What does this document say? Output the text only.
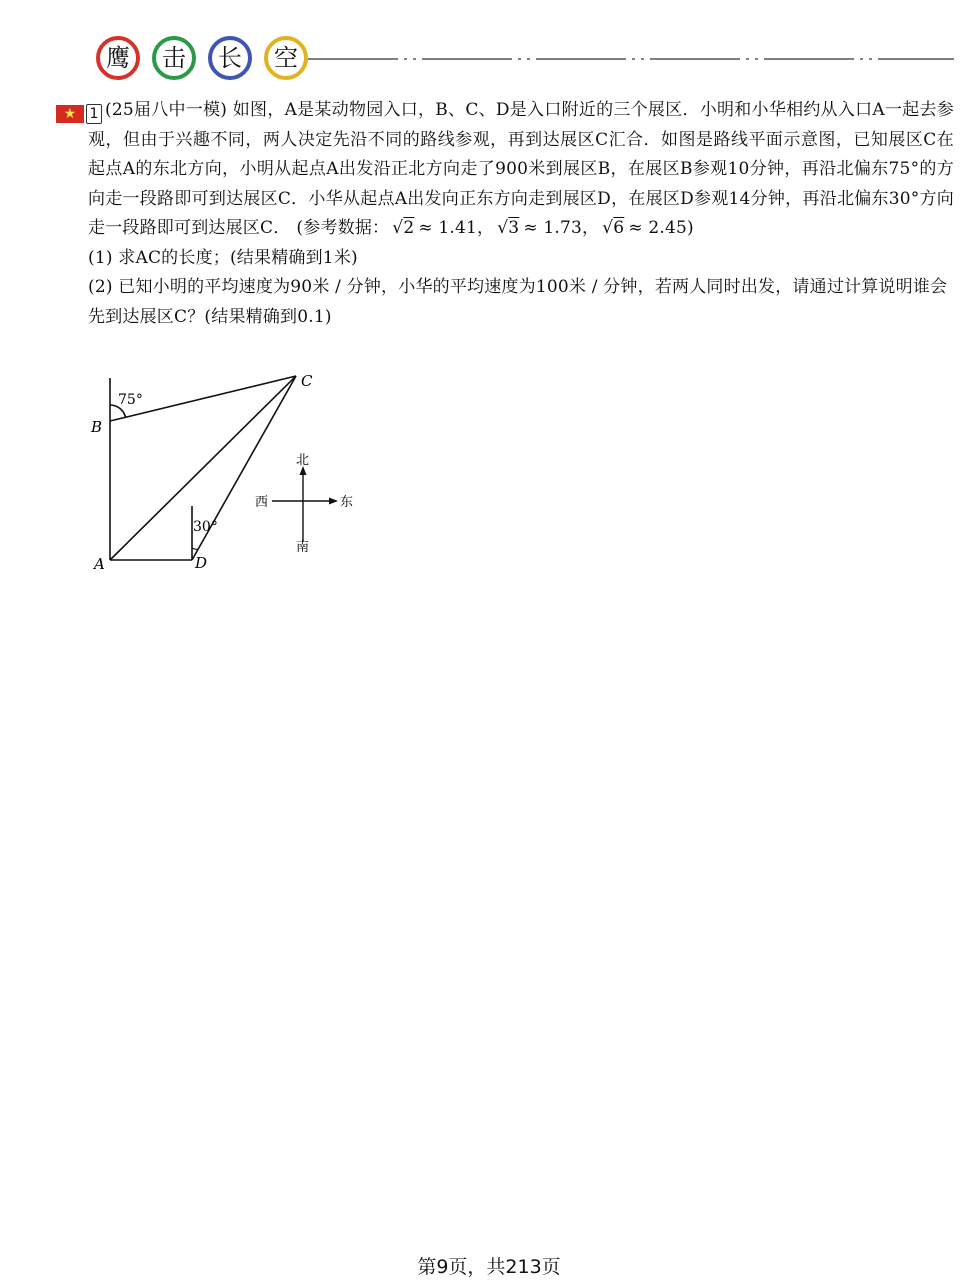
鹰 击 长 空

★ 1 (25届八中一模) 如图，A是某动物园入口，B、C、D是入口附近的三个展区．小明和小华相约从入口A一起去参观，但由于兴趣不同，两人决定先沿不同的路线参观，再到达展区C汇合．如图是路线平面示意图，已知展区C在起点A的东北方向，小明从起点A出发沿正北方向走了900米到展区B，在展区B参观10分钟，再沿北偏东75°的方向走一段路即可到达展区C．小华从起点A出发向正东方向走到展区D，在展区D参观14分钟，再沿北偏东30°方向走一段路即可到达展区C． (参考数据： √2 ≈ 1.41， √3 ≈ 1.73， √6 ≈ 2.45)

(1) 求AC的长度；(结果精确到1米)

(2) 已知小明的平均速度为90米 / 分钟，小华的平均速度为100米 / 分钟，若两人同时出发，请通过计算说明谁会先到达展区C？(结果精确到0.1)

A
B
C
D
75°
30°
北
南
东
西
第9页，共213页
